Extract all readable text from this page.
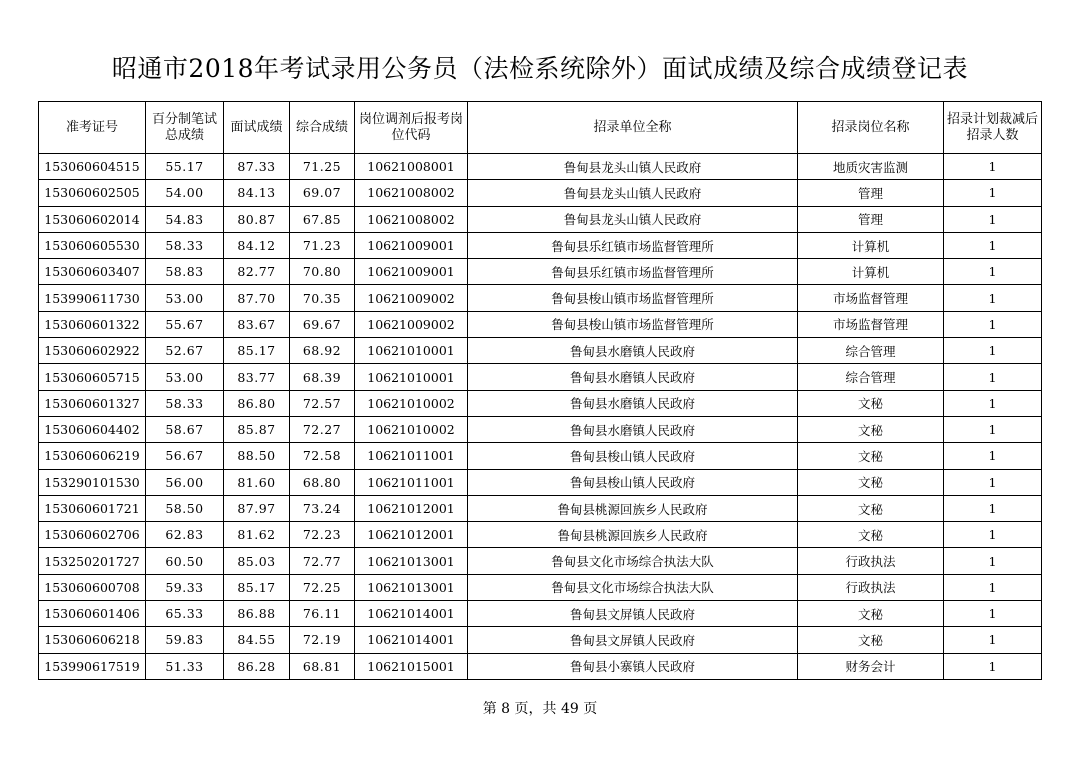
昭通市2018年考试录用公务员（法检系统除外）面试成绩及综合成绩登记表
准考证号	百分制笔试总成绩	面试成绩	综合成绩	岗位调剂后报考岗位代码	招录单位全称	招录岗位名称	招录计划裁减后招录人数
153060604515	55.17	87.33	71.25	10621008001	鲁甸县龙头山镇人民政府	地质灾害监测	1
153060602505	54.00	84.13	69.07	10621008002	鲁甸县龙头山镇人民政府	管理	1
153060602014	54.83	80.87	67.85	10621008002	鲁甸县龙头山镇人民政府	管理	1
153060605530	58.33	84.12	71.23	10621009001	鲁甸县乐红镇市场监督管理所	计算机	1
153060603407	58.83	82.77	70.80	10621009001	鲁甸县乐红镇市场监督管理所	计算机	1
153990611730	53.00	87.70	70.35	10621009002	鲁甸县梭山镇市场监督管理所	市场监督管理	1
153060601322	55.67	83.67	69.67	10621009002	鲁甸县梭山镇市场监督管理所	市场监督管理	1
153060602922	52.67	85.17	68.92	10621010001	鲁甸县水磨镇人民政府	综合管理	1
153060605715	53.00	83.77	68.39	10621010001	鲁甸县水磨镇人民政府	综合管理	1
153060601327	58.33	86.80	72.57	10621010002	鲁甸县水磨镇人民政府	文秘	1
153060604402	58.67	85.87	72.27	10621010002	鲁甸县水磨镇人民政府	文秘	1
153060606219	56.67	88.50	72.58	10621011001	鲁甸县梭山镇人民政府	文秘	1
153290101530	56.00	81.60	68.80	10621011001	鲁甸县梭山镇人民政府	文秘	1
153060601721	58.50	87.97	73.24	10621012001	鲁甸县桃源回族乡人民政府	文秘	1
153060602706	62.83	81.62	72.23	10621012001	鲁甸县桃源回族乡人民政府	文秘	1
153250201727	60.50	85.03	72.77	10621013001	鲁甸县文化市场综合执法大队	行政执法	1
153060600708	59.33	85.17	72.25	10621013001	鲁甸县文化市场综合执法大队	行政执法	1
153060601406	65.33	86.88	76.11	10621014001	鲁甸县文屏镇人民政府	文秘	1
153060606218	59.83	84.55	72.19	10621014001	鲁甸县文屏镇人民政府	文秘	1
153990617519	51.33	86.28	68.81	10621015001	鲁甸县小寨镇人民政府	财务会计	1
第 8 页，共 49 页
